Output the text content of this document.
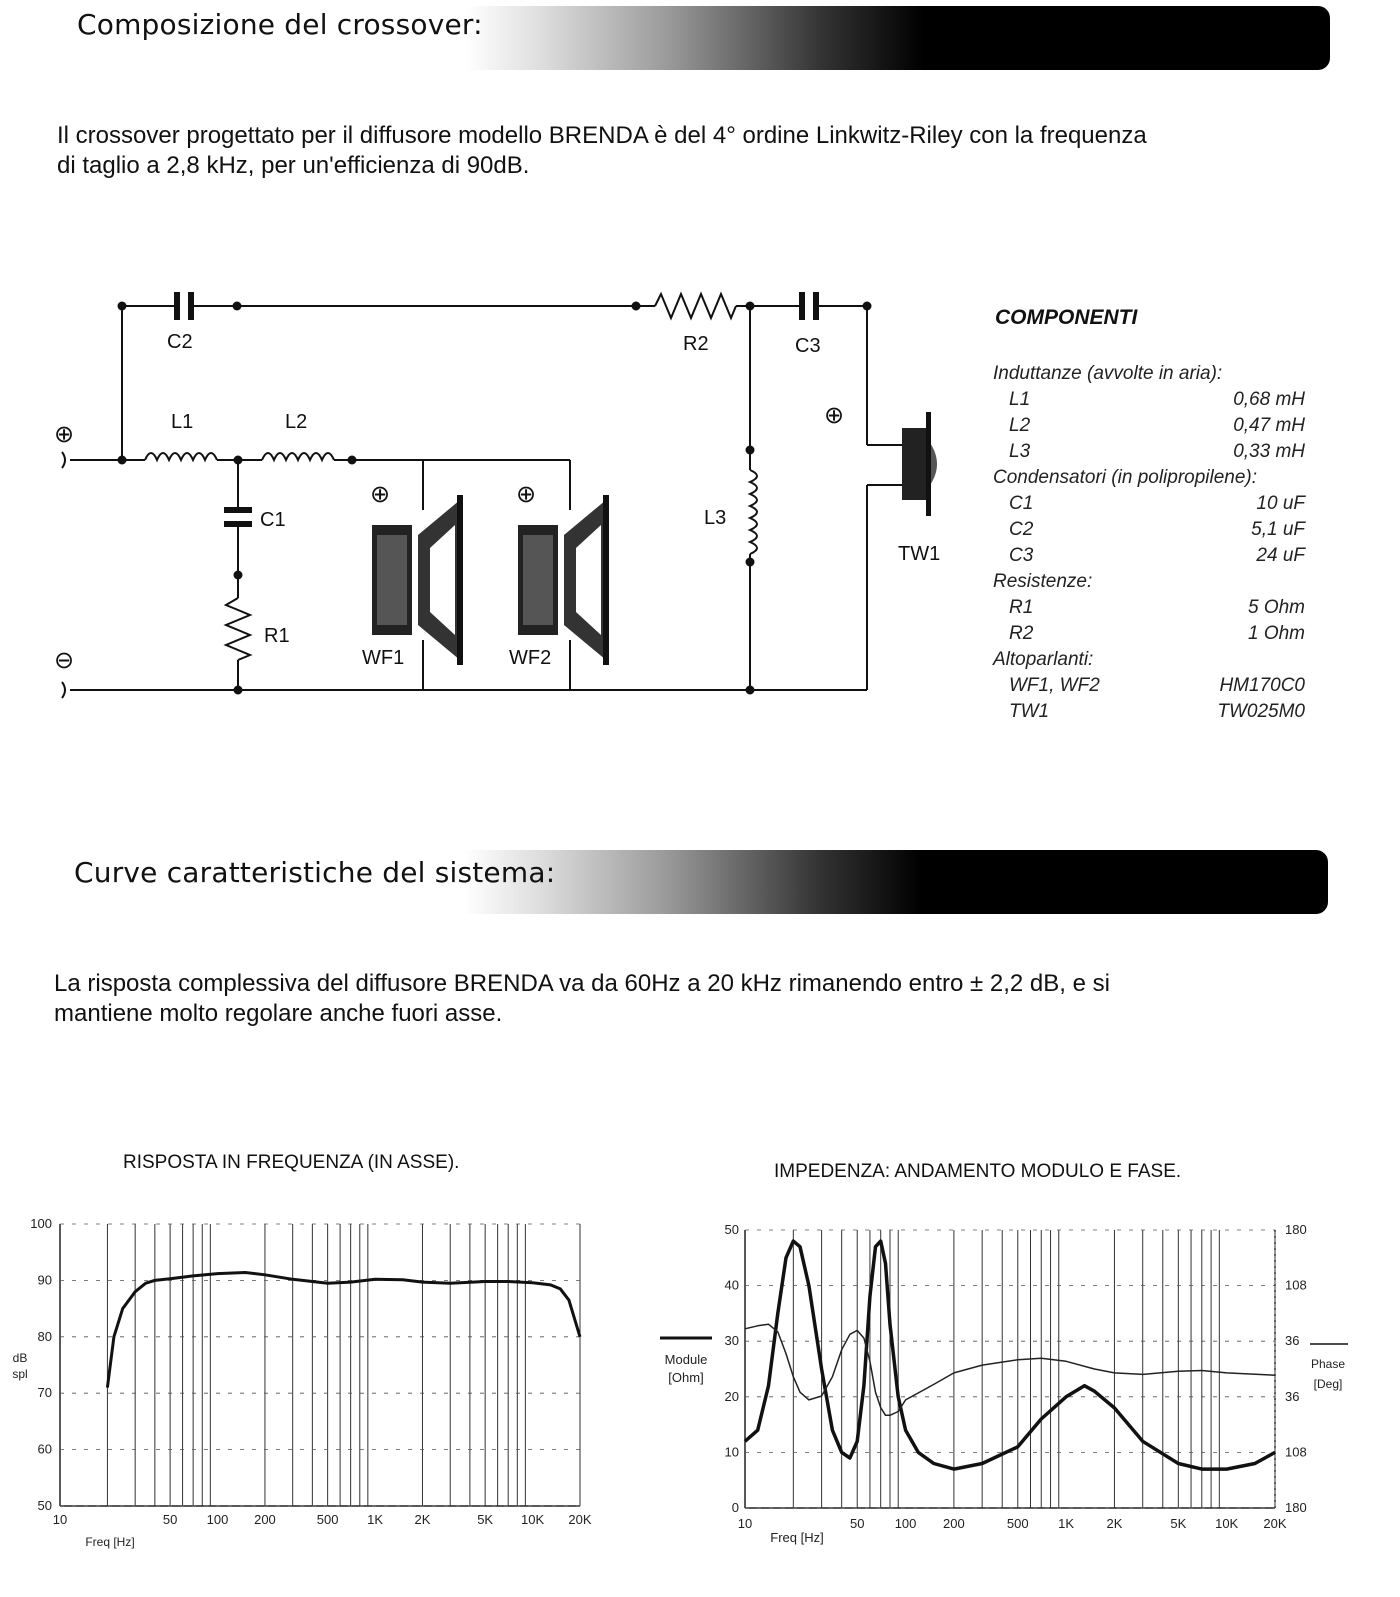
Composizione del crossover:
Il crossover progettato per il diffusore modello BRENDA è del 4° ordine Linkwitz-Riley con la frequenza
di taglio a 2,8 kHz, per un'efficienza di 90dB.
C2	R2	C3
L1	L2
C1
R1
L3
WF1	WF2
TW1
⊕
⊖
⊕	⊕
⊕
COMPONENTI
Induttanze (avvolte in aria):
L1	0,68 mH
L2	0,47 mH
L3	0,33 mH
Condensatori (in polipropilene):
C1	10 uF
C2	5,1 uF
C3	24 uF
Resistenze:
R1	5 Ohm
R2	1 Ohm
Altoparlanti:
WF1, WF2	HM170C0
TW1	TW025M0
Curve caratteristiche del sistema:
La risposta complessiva del diffusore BRENDA va da 60Hz a 20 kHz rimanendo entro ± 2,2 dB, e si
mantiene molto regolare anche fuori asse.
RISPOSTA IN FREQUENZA (IN ASSE).	IMPEDENZA: ANDAMENTO MODULO E FASE.
50
60
70
80
90
100
10	50 100 200	500 1K 2K	5K 10K 20K
dB
spl
Freq [Hz]
0
10
20
30
40
50	180
108
36
36
108
180
10	50 100 200	500 1K 2K	5K 10K 20K
Module
[Ohm]
Phase
[Deg]
Freq [Hz]
